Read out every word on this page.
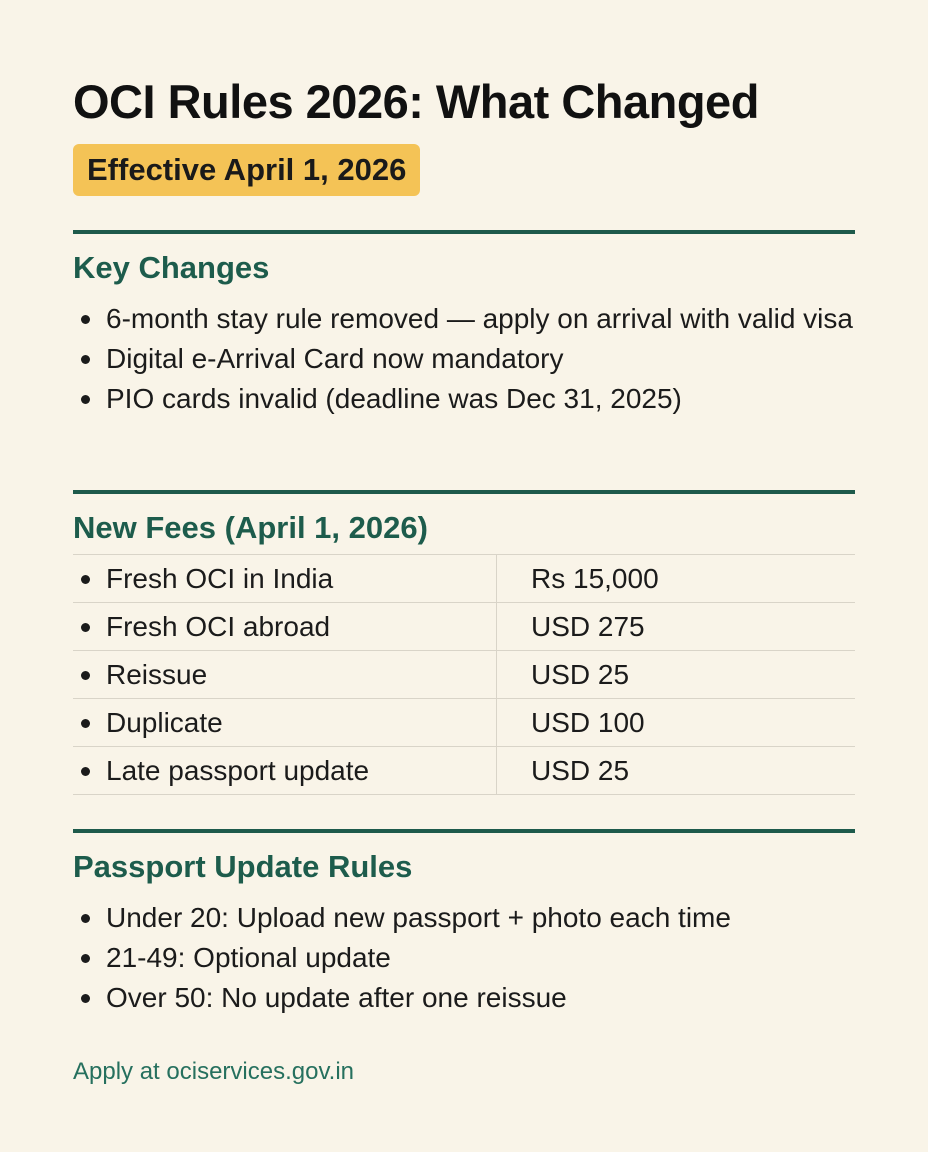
OCI Rules 2026: What Changed
Effective April 1, 2026
Key Changes
6-month stay rule removed — apply on arrival with valid visa
Digital e-Arrival Card now mandatory
PIO cards invalid (deadline was Dec 31, 2025)
New Fees (April 1, 2026)
Fresh OCI in India	Rs 15,000

Fresh OCI abroad	USD 275

Reissue	USD 25

Duplicate	USD 100

Late passport update	USD 25
Passport Update Rules
Under 20: Upload new passport + photo each time
21-49: Optional update
Over 50: No update after one reissue
Apply at ociservices.gov.in
